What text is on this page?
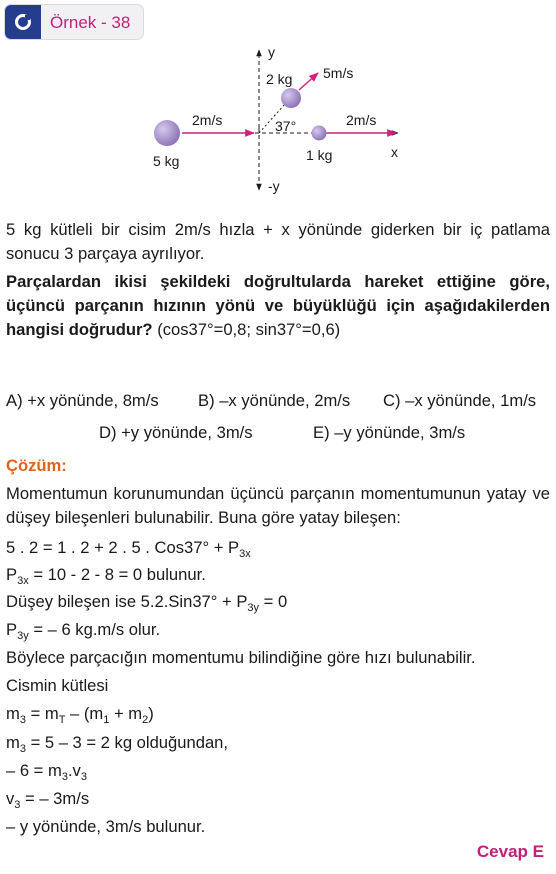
Örnek - 38
y
-y
x
5 kg
2m/s
2 kg 5m/s
37°
1 kg
2m/s
5 kg kütleli bir cisim 2m/s hızla + x yönünde giderken bir iç patlama sonucu 3 parçaya ayrılıyor.
Parçalardan ikisi şekildeki doğrultularda hareket ettiğine göre, üçüncü parçanın hızının yönü ve büyüklüğü için aşağıdakilerden hangisi doğrudur? (cos37°=0,8; sin37°=0,6)
A) +x yönünde, 8m/s B) –x yönünde, 2m/s C) –x yönünde, 1m/s
D) +y yönünde, 3m/s	E) –y yönünde, 3m/s
Çözüm:
Momentumun korunumundan üçüncü parçanın momentumunun yatay ve düşey bileşenleri bulunabilir. Buna göre yatay bileşen:
5 . 2 = 1 . 2 + 2 . 5 . $Cos37^\circ + P_{3x}$
$P_{3x} = 10 - 2 - 8 = 0$ bulunur.
Düşey bileşen ise $5.2.Sin37^\circ + P_{3y} = 0$
$P_{3y}$ = – 6 kg.m/s olur.
Böylece parçacığın momentumu bilindiğine göre hızı bulunabilir.
Cismin kütlesi
$m_3 = m_T - (m_1 + m_2)$
$m_3 = 5 - 3 = 2$ kg olduğundan,
– $6 = m_3.v_3$
$v_3$ = – 3m/s
– y yönünde, 3m/s bulunur.
Cevap E
